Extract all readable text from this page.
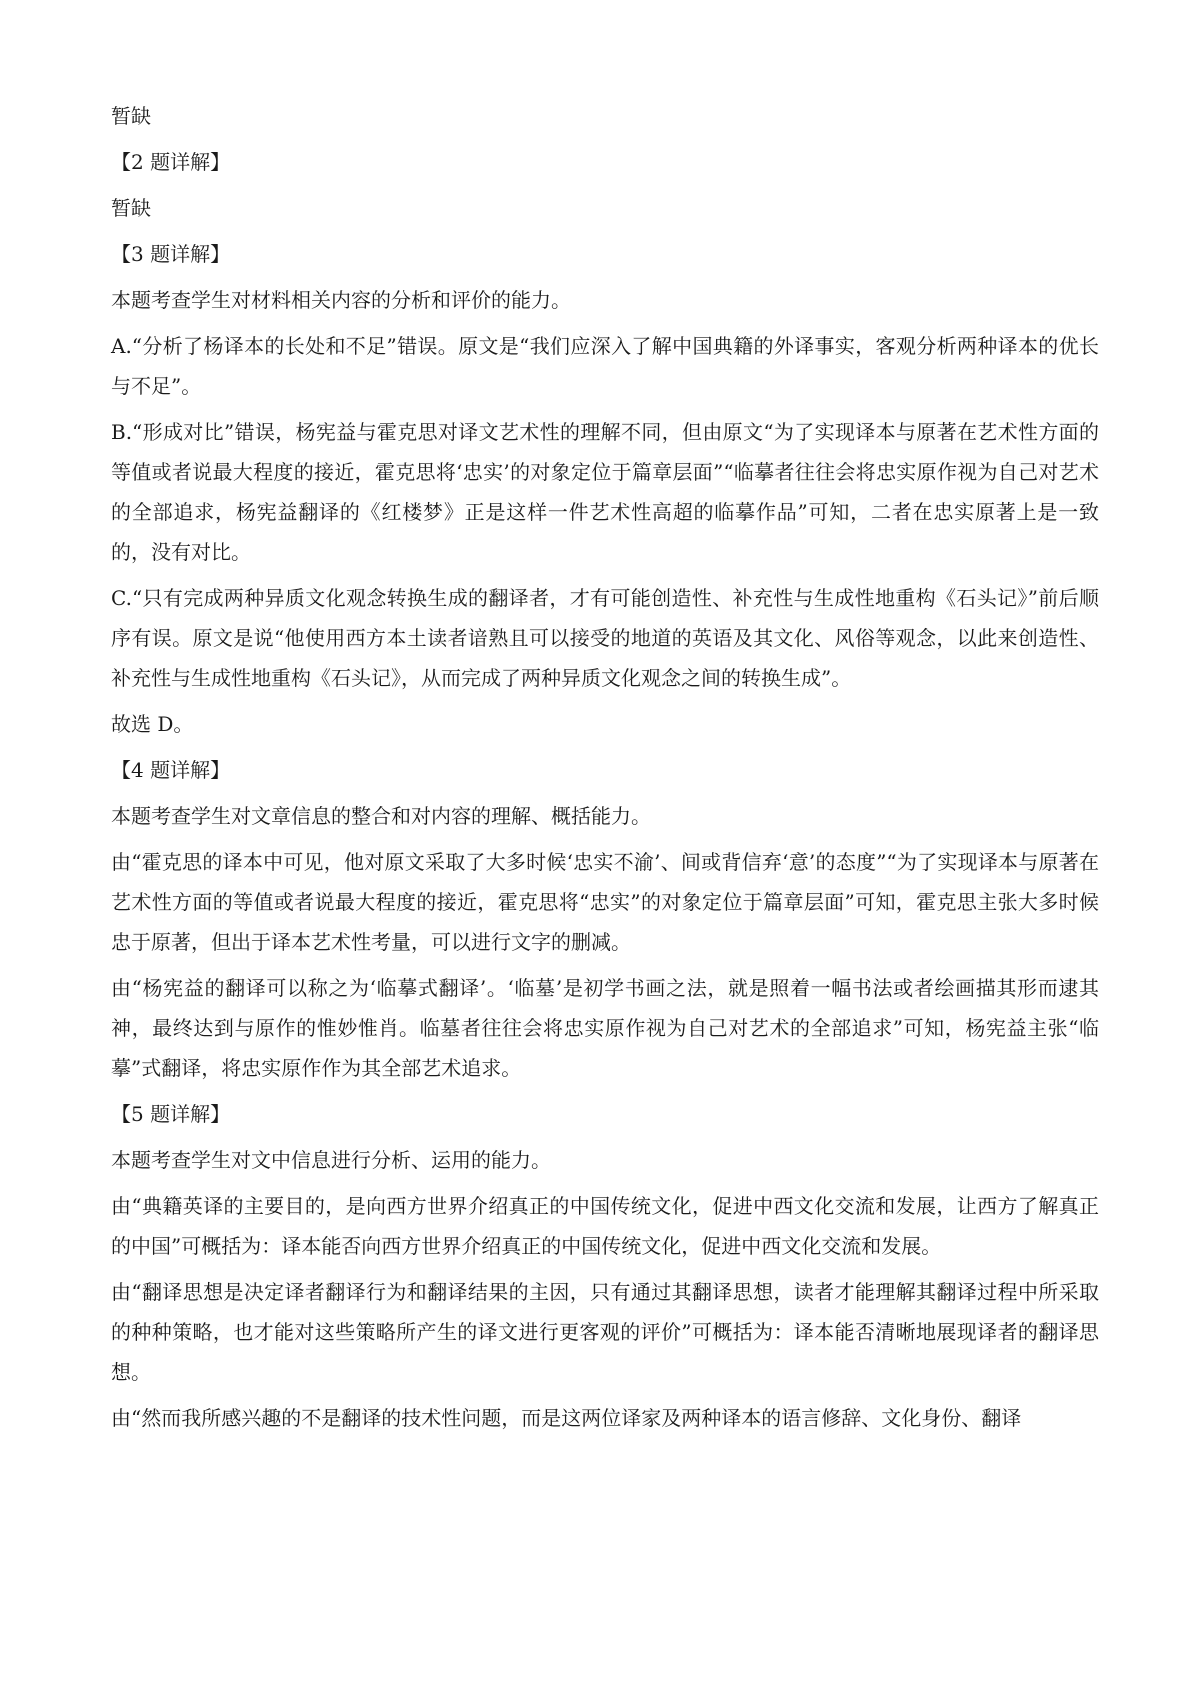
暂缺
【2 题详解】
暂缺
【3 题详解】
本题考查学生对材料相关内容的分析和评价的能力。
A.“分析了杨译本的长处和不足”错误。原文是“我们应深入了解中国典籍的外译事实，客观分析两种译本的优长与不足”。
B.“形成对比”错误，杨宪益与霍克思对译文艺术性的理解不同，但由原文“为了实现译本与原著在艺术性方面的等值或者说最大程度的接近，霍克思将‘忠实’的对象定位于篇章层面”“临摹者往往会将忠实原作视为自己对艺术的全部追求，杨宪益翻译的《红楼梦》正是这样一件艺术性高超的临摹作品”可知，二者在忠实原著上是一致的，没有对比。
C.“只有完成两种异质文化观念转换生成的翻译者，才有可能创造性、补充性与生成性地重构《石头记》”前后顺序有误。原文是说“他使用西方本土读者谙熟且可以接受的地道的英语及其文化、风俗等观念，以此来创造性、补充性与生成性地重构《石头记》，从而完成了两种异质文化观念之间的转换生成”。
故选 D。
【4 题详解】
本题考查学生对文章信息的整合和对内容的理解、概括能力。
由“霍克思的译本中可见，他对原文采取了大多时候‘忠实不渝’、间或背信弃‘意’的态度”“为了实现译本与原著在艺术性方面的等值或者说最大程度的接近，霍克思将“忠实”的对象定位于篇章层面”可知，霍克思主张大多时候忠于原著，但出于译本艺术性考量，可以进行文字的删减。
由“杨宪益的翻译可以称之为‘临摹式翻译’。‘临墓’是初学书画之法，就是照着一幅书法或者绘画描其形而逮其神，最终达到与原作的惟妙惟肖。临墓者往往会将忠实原作视为自己对艺术的全部追求”可知，杨宪益主张“临摹”式翻译，将忠实原作作为其全部艺术追求。
【5 题详解】
本题考查学生对文中信息进行分析、运用的能力。
由“典籍英译的主要目的，是向西方世界介绍真正的中国传统文化，促进中西文化交流和发展，让西方了解真正的中国”可概括为：译本能否向西方世界介绍真正的中国传统文化，促进中西文化交流和发展。
由“翻译思想是决定译者翻译行为和翻译结果的主因，只有通过其翻译思想，读者才能理解其翻译过程中所采取的种种策略，也才能对这些策略所产生的译文进行更客观的评价”可概括为：译本能否清晰地展现译者的翻译思想。
由“然而我所感兴趣的不是翻译的技术性问题，而是这两位译家及两种译本的语言修辞、文化身份、翻译
